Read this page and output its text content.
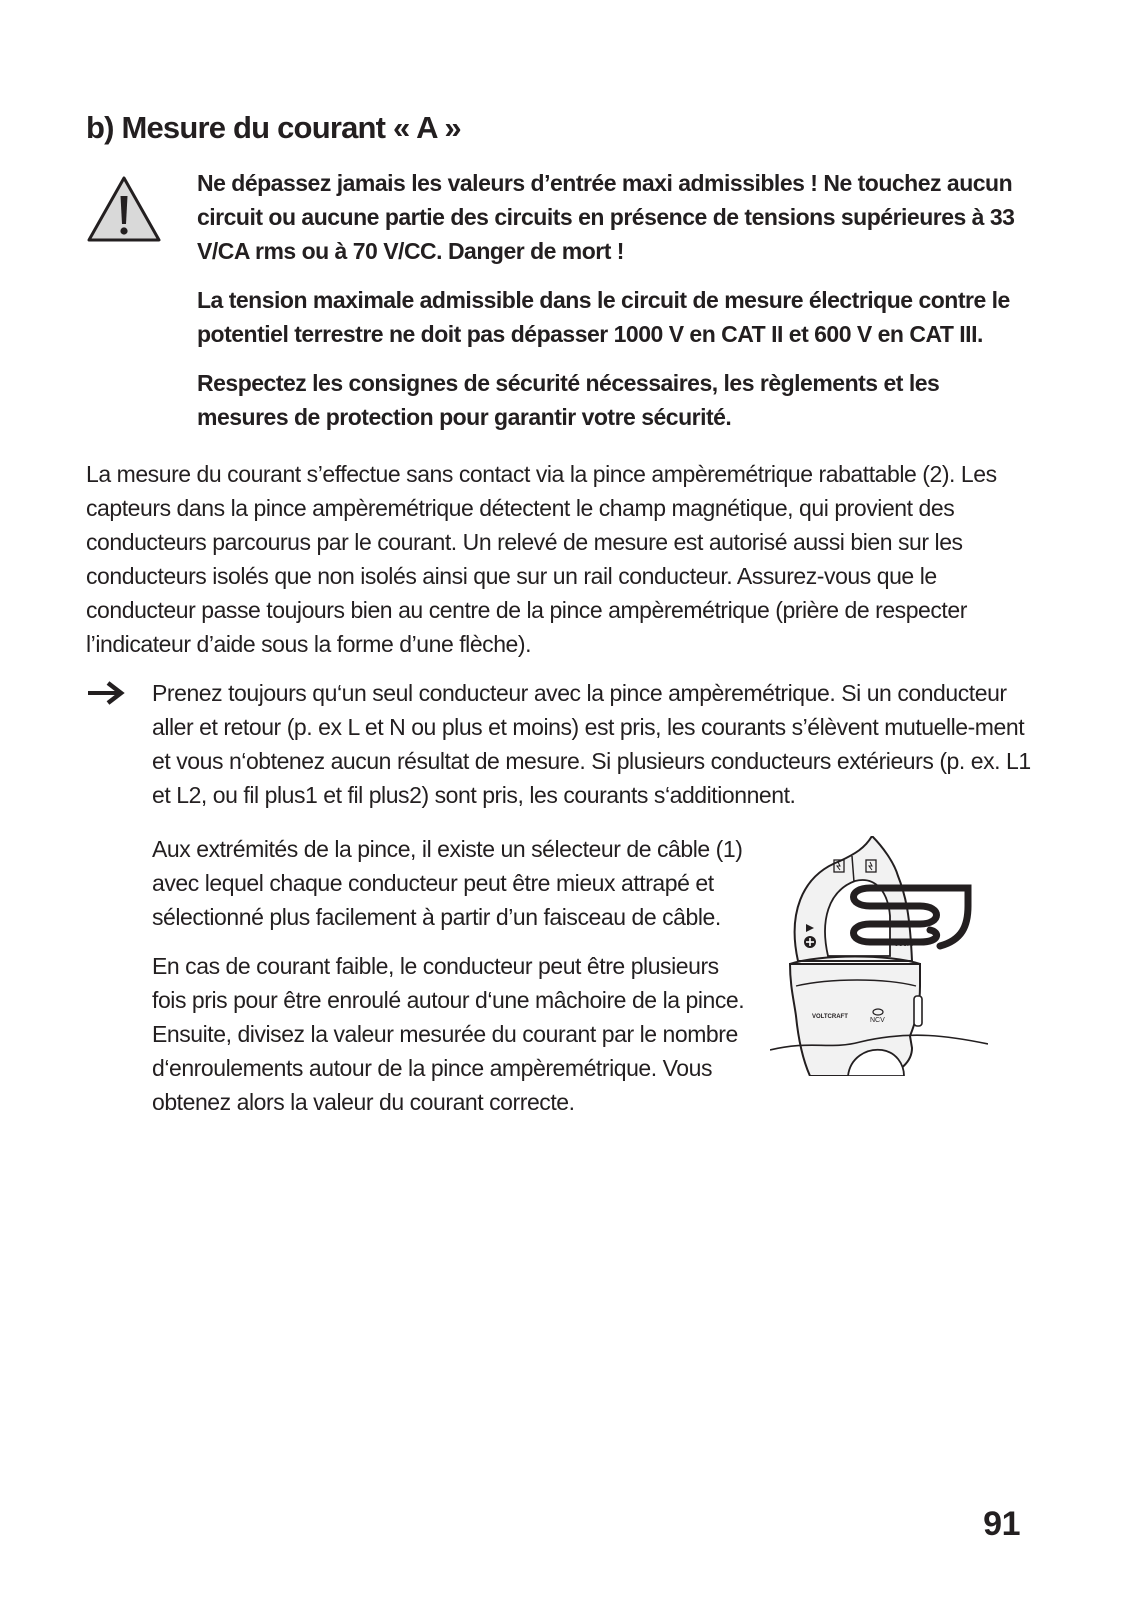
b) Mesure du courant « A »

Ne dépassez jamais les valeurs d’entrée maxi admissibles ! Ne touchez aucun circuit ou aucune partie des circuits en présence de tensions supérieures à 33 V/CA rms ou à 70 V/CC. Danger de mort !

La tension maximale admissible dans le circuit de mesure électrique contre le potentiel terrestre ne doit pas dépasser 1000 V en CAT II et 600 V en CAT III.

Respectez les consignes de sécurité nécessaires, les règlements et les mesures de protection pour garantir votre sécurité.

La mesure du courant s’effectue sans contact via la pince ampèremétrique rabattable (2). Les capteurs dans la pince ampèremétrique détectent le champ magnétique, qui provient des conducteurs parcourus par le courant. Un relevé de mesure est autorisé aussi bien sur les conducteurs isolés que non isolés ainsi que sur un rail conducteur. Assurez-vous que le conducteur passe toujours bien au centre de la pince ampèremétrique (prière de respecter l’indicateur d’aide sous la forme d’une flèche).

Prenez toujours qu‘un seul conducteur avec la pince ampèremétrique. Si un conducteur aller et retour (p. ex L et N ou plus et moins) est pris, les courants s’élèvent mutuelle-ment et vous n‘obtenez aucun résultat de mesure. Si plusieurs conducteurs extérieurs (p. ex. L1 et L2, ou fil plus1 et fil plus2) sont pris, les courants s‘additionnent.

Aux extrémités de la pince, il existe un sélecteur de câble (1) avec lequel chaque conducteur peut être mieux attrapé et sélectionné plus facilement à partir d’un faisceau de câble.

En cas de courant faible, le conducteur peut être plusieurs fois pris pour être enroulé autour d‘une mâchoire de la pince. Ensuite, divisez la valeur mesurée du courant par le nombre d‘enroulements autour de la pince ampèremétrique. Vous obtenez alors la valeur du courant correcte.

600A
VOLTCRAFT	NCV

91
